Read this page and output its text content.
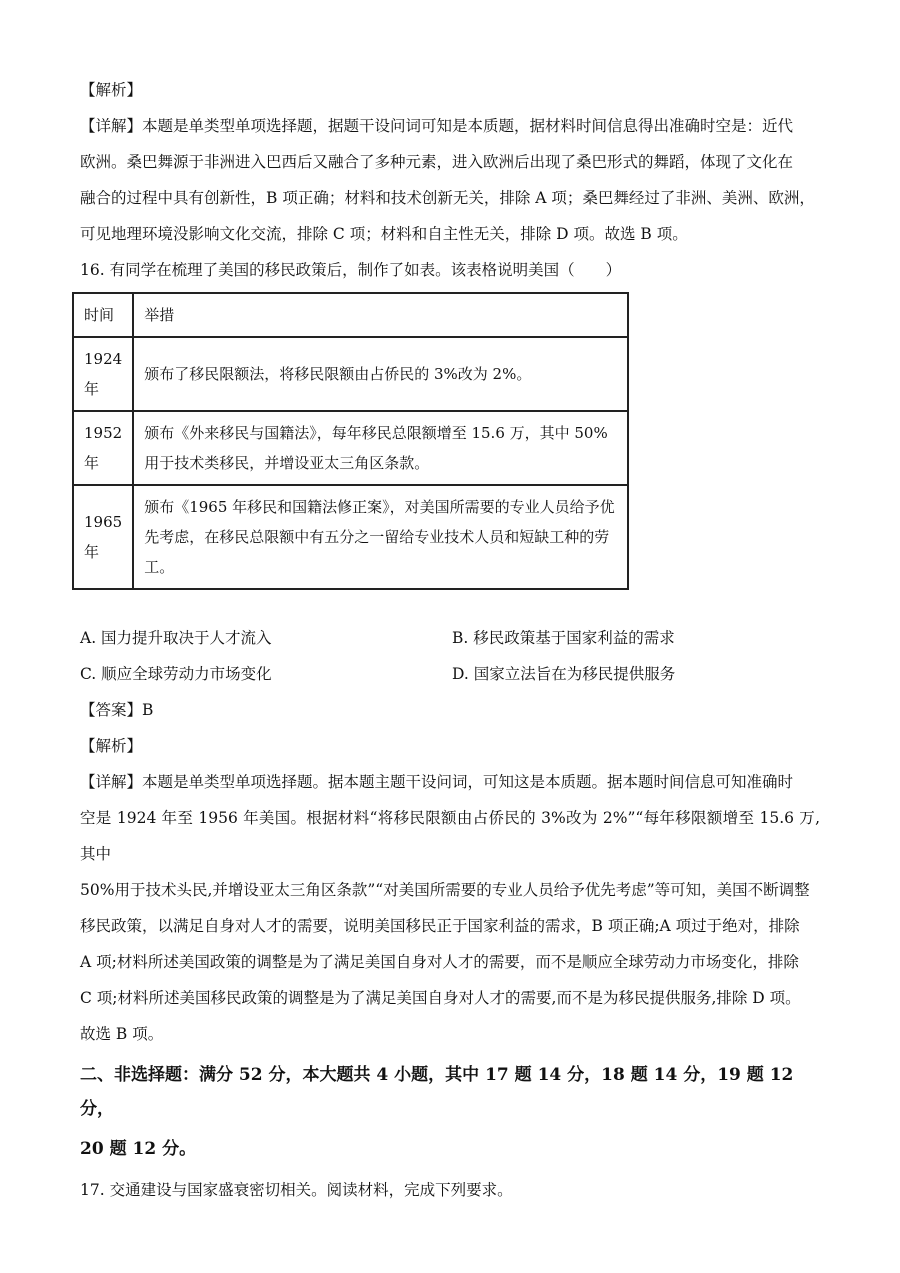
【解析】

【详解】本题是单类型单项选择题，据题干设问词可知是本质题，据材料时间信息得出准确时空是：近代

欧洲。桑巴舞源于非洲进入巴西后又融合了多种元素，进入欧洲后出现了桑巴形式的舞蹈，体现了文化在

融合的过程中具有创新性，B 项正确；材料和技术创新无关，排除 A 项；桑巴舞经过了非洲、美洲、欧洲，

可见地理环境没影响文化交流，排除 C 项；材料和自主性无关，排除 D 项。故选 B 项。

16. 有同学在梳理了美国的移民政策后，制作了如表。该表格说明美国（　　）

时间	举措
1924 年	颁布了移民限额法，将移民限额由占侨民的 3%改为 2%。
1952 年	颁布《外来移民与国籍法》，每年移民总限额增至 15.6 万，其中 50%用于技术类移民，并增设亚太三角区条款。
1965 年	颁布《1965 年移民和国籍法修正案》，对美国所需要的专业人员给予优先考虑，在移民总限额中有五分之一留给专业技术人员和短缺工种的劳工。
A. 国力提升取决于人才流入	B. 移民政策基于国家利益的需求
C. 顺应全球劳动力市场变化	D. 国家立法旨在为移民提供服务

【答案】B

【解析】

【详解】本题是单类型单项选择题。据本题主题干设问词，可知这是本质题。据本题时间信息可知准确时

空是 1924 年至 1956 年美国。根据材料“将移民限额由占侨民的 3%改为 2%”“每年移限额增至 15.6 万,其中

50%用于技术头民,并增设亚太三角区条款”“对美国所需要的专业人员给予优先考虑”等可知，美国不断调整

移民政策，以满足自身对人才的需要，说明美国移民正于国家利益的需求，B 项正确;A 项过于绝对，排除

A 项;材料所述美国政策的调整是为了满足美国自身对人才的需要，而不是顺应全球劳动力市场变化，排除

C 项;材料所述美国移民政策的调整是为了满足美国自身对人才的需要,而不是为移民提供服务,排除 D 项。

故选 B 项。

二、非选择题：满分 52 分，本大题共 4 小题，其中 17 题 14 分，18 题 14 分，19 题 12 分，

20 题 12 分。

17. 交通建设与国家盛衰密切相关。阅读材料，完成下列要求。
